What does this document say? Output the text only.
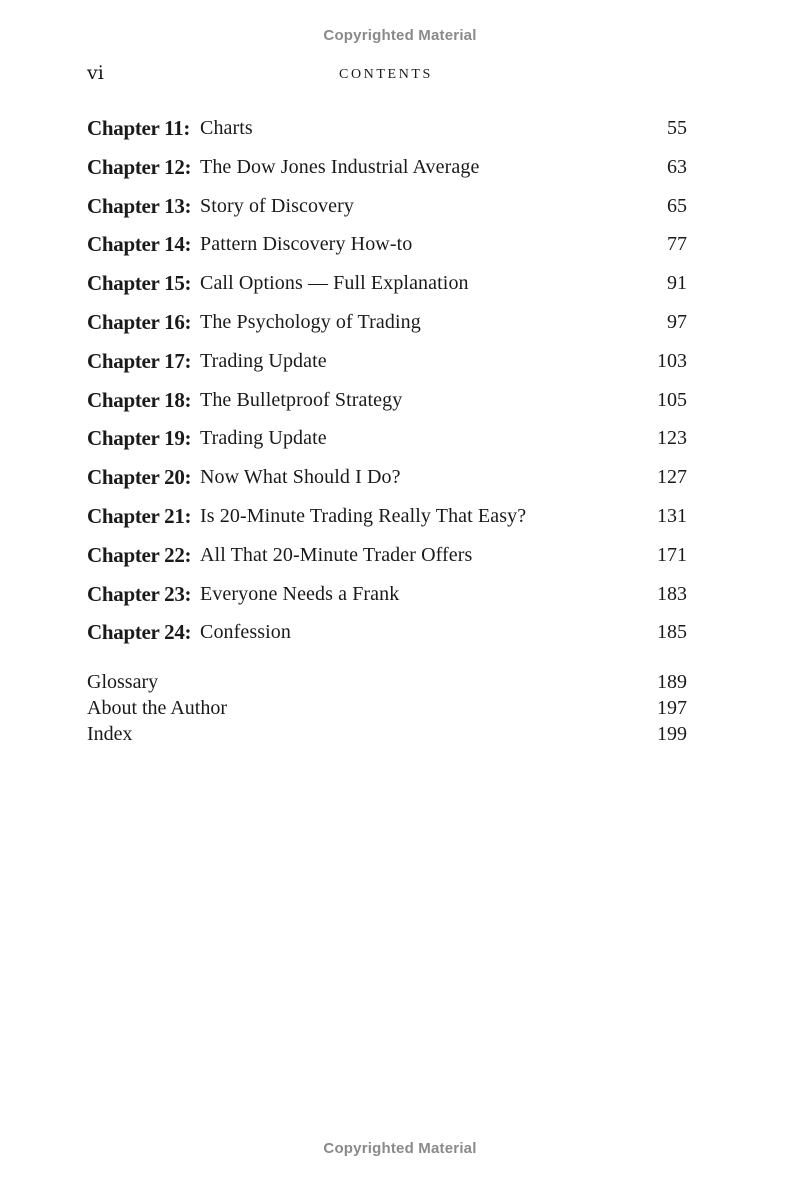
Copyrighted Material
vi	CONTENTS
Chapter 11: Charts	55
Chapter 12: The Dow Jones Industrial Average	63
Chapter 13: Story of Discovery	65
Chapter 14: Pattern Discovery How-to	77
Chapter 15: Call Options — Full Explanation	91
Chapter 16: The Psychology of Trading	97
Chapter 17: Trading Update	103
Chapter 18: The Bulletproof Strategy	105
Chapter 19: Trading Update	123
Chapter 20: Now What Should I Do?	127
Chapter 21: Is 20-Minute Trading Really That Easy?	131
Chapter 22: All That 20-Minute Trader Offers	171
Chapter 23: Everyone Needs a Frank	183
Chapter 24: Confession	185
Glossary	189
About the Author	197
Index	199
Copyrighted Material
